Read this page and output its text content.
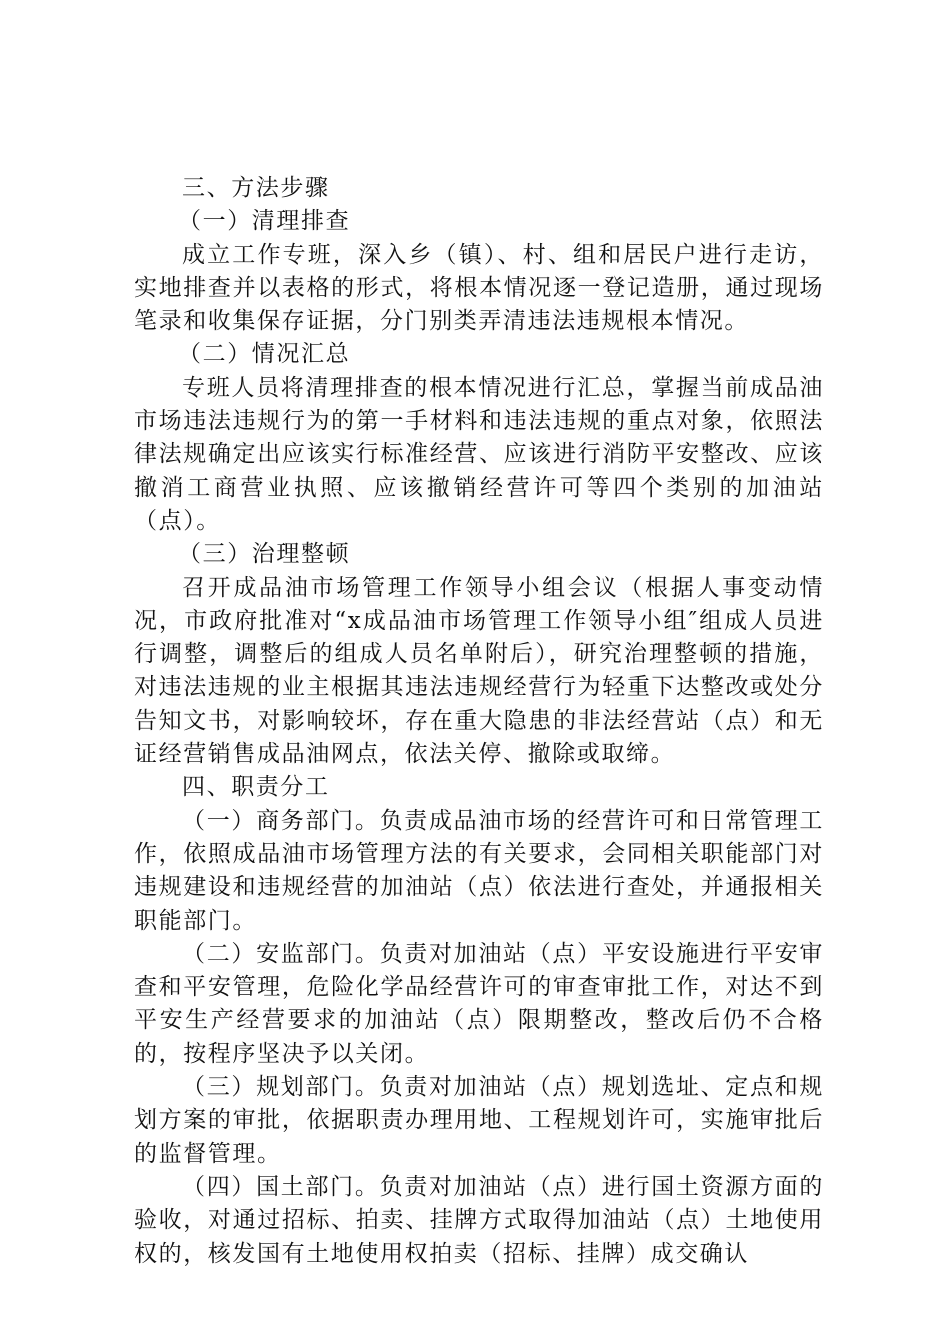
三、方法步骤

（一）清理排查

成立工作专班，深入乡（镇）、村、组和居民户进行走访，实地排查并以表格的形式，将根本情况逐一登记造册，通过现场笔录和收集保存证据，分门别类弄清违法违规根本情况。

（二）情况汇总

专班人员将清理排查的根本情况进行汇总，掌握当前成品油市场违法违规行为的第一手材料和违法违规的重点对象，依照法律法规确定出应该实行标准经营、应该进行消防平安整改、应该撤消工商营业执照、应该撤销经营许可等四个类别的加油站（点）。

（三）治理整顿

召开成品油市场管理工作领导小组会议（根据人事变动情况，市政府批准对“x成品油市场管理工作领导小组″组成人员进行调整，调整后的组成人员名单附后），研究治理整顿的措施，对违法违规的业主根据其违法违规经营行为轻重下达整改或处分告知文书，对影响较坏，存在重大隐患的非法经营站（点）和无证经营销售成品油网点，依法关停、撤除或取缔。

四、职责分工

（一）商务部门。负责成品油市场的经营许可和日常管理工作，依照成品油市场管理方法的有关要求，会同相关职能部门对违规建设和违规经营的加油站（点）依法进行查处，并通报相关职能部门。

（二）安监部门。负责对加油站（点）平安设施进行平安审查和平安管理，危险化学品经营许可的审查审批工作，对达不到平安生产经营要求的加油站（点）限期整改，整改后仍不合格的，按程序坚决予以关闭。

（三）规划部门。负责对加油站（点）规划选址、定点和规划方案的审批，依据职责办理用地、工程规划许可，实施审批后的监督管理。

（四）国土部门。负责对加油站（点）进行国土资源方面的验收，对通过招标、拍卖、挂牌方式取得加油站（点）土地使用权的，核发国有土地使用权拍卖（招标、挂牌）成交确认
